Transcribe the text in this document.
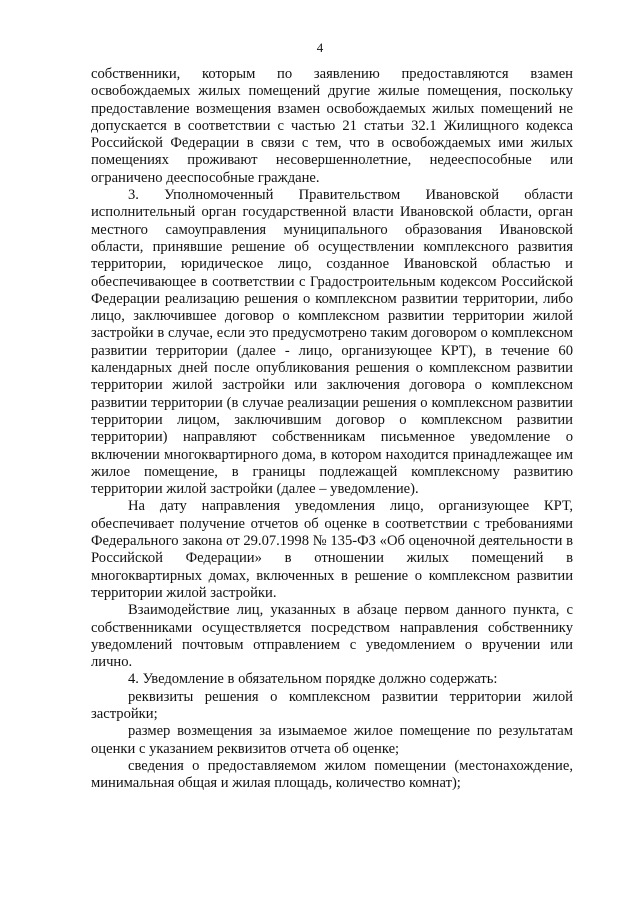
4

собственники, которым по заявлению предоставляются взамен освобождаемых жилых помещений другие жилые помещения, поскольку предоставление возмещения взамен освобождаемых жилых помещений не допускается в соответствии с частью 21 статьи 32.1 Жилищного кодекса Российской Федерации в связи с тем, что в освобождаемых ими жилых помещениях проживают несовершеннолетние, недееспособные или ограничено дееспособные граждане.

3. Уполномоченный Правительством Ивановской области исполнительный орган государственной власти Ивановской области, орган местного самоуправления муниципального образования Ивановской области, принявшие решение об осуществлении комплексного развития территории, юридическое лицо, созданное Ивановской областью и обеспечивающее в соответствии с Градостроительным кодексом Российской Федерации реализацию решения о комплексном развитии территории, либо лицо, заключившее договор о комплексном развитии территории жилой застройки в случае, если это предусмотрено таким договором о комплексном развитии территории (далее - лицо, организующее КРТ), в течение 60 календарных дней после опубликования решения о комплексном развитии территории жилой застройки или заключения договора о комплексном развитии территории (в случае реализации решения о комплексном развитии территории лицом, заключившим договор о комплексном развитии территории) направляют собственникам письменное уведомление о включении многоквартирного дома, в котором находится принадлежащее им жилое помещение, в границы подлежащей комплексному развитию территории жилой застройки (далее – уведомление).

На дату направления уведомления лицо, организующее КРТ, обеспечивает получение отчетов об оценке в соответствии с требованиями Федерального закона от 29.07.1998 № 135-ФЗ «Об оценочной деятельности в Российской Федерации» в отношении жилых помещений в многоквартирных домах, включенных в решение о комплексном развитии территории жилой застройки.

Взаимодействие лиц, указанных в абзаце первом данного пункта, с собственниками осуществляется посредством направления собственнику уведомлений почтовым отправлением с уведомлением о вручении или лично.

4. Уведомление в обязательном порядке должно содержать:

реквизиты решения о комплексном развитии территории жилой застройки;

размер возмещения за изымаемое жилое помещение по результатам оценки с указанием реквизитов отчета об оценке;

сведения о предоставляемом жилом помещении (местонахождение, минимальная общая и жилая площадь, количество комнат);
